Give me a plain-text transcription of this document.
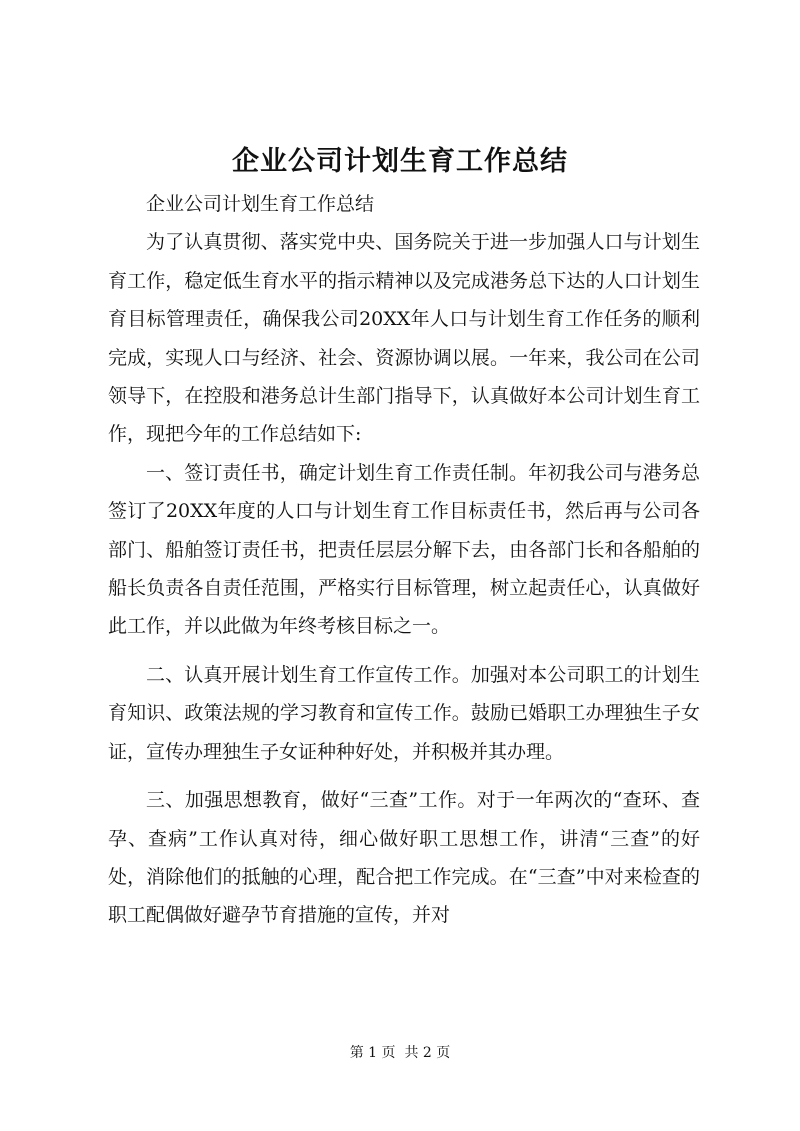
企业公司计划生育工作总结

企业公司计划生育工作总结

为了认真贯彻、落实党中央、国务院关于进一步加强人口与计划生育工作，稳定低生育水平的指示精神以及完成港务总下达的人口计划生育目标管理责任，确保我公司20XX年人口与计划生育工作任务的顺利完成，实现人口与经济、社会、资源协调以展。一年来，我公司在公司领导下，在控股和港务总计生部门指导下，认真做好本公司计划生育工作，现把今年的工作总结如下:

一、签订责任书，确定计划生育工作责任制。年初我公司与港务总签订了20XX年度的人口与计划生育工作目标责任书，然后再与公司各部门、船舶签订责任书，把责任层层分解下去，由各部门长和各船舶的船长负责各自责任范围，严格实行目标管理，树立起责任心，认真做好此工作，并以此做为年终考核目标之一。

二、认真开展计划生育工作宣传工作。加强对本公司职工的计划生育知识、政策法规的学习教育和宣传工作。鼓励已婚职工办理独生子女证，宣传办理独生子女证种种好处，并积极并其办理。

三、加强思想教育，做好“三查”工作。对于一年两次的“查环、查孕、查病”工作认真对待，细心做好职工思想工作，讲清“三查”的好处，消除他们的抵触的心理，配合把工作完成。在“三查”中对来检查的职工配偶做好避孕节育措施的宣传，并对

第 1 页  共 2 页
